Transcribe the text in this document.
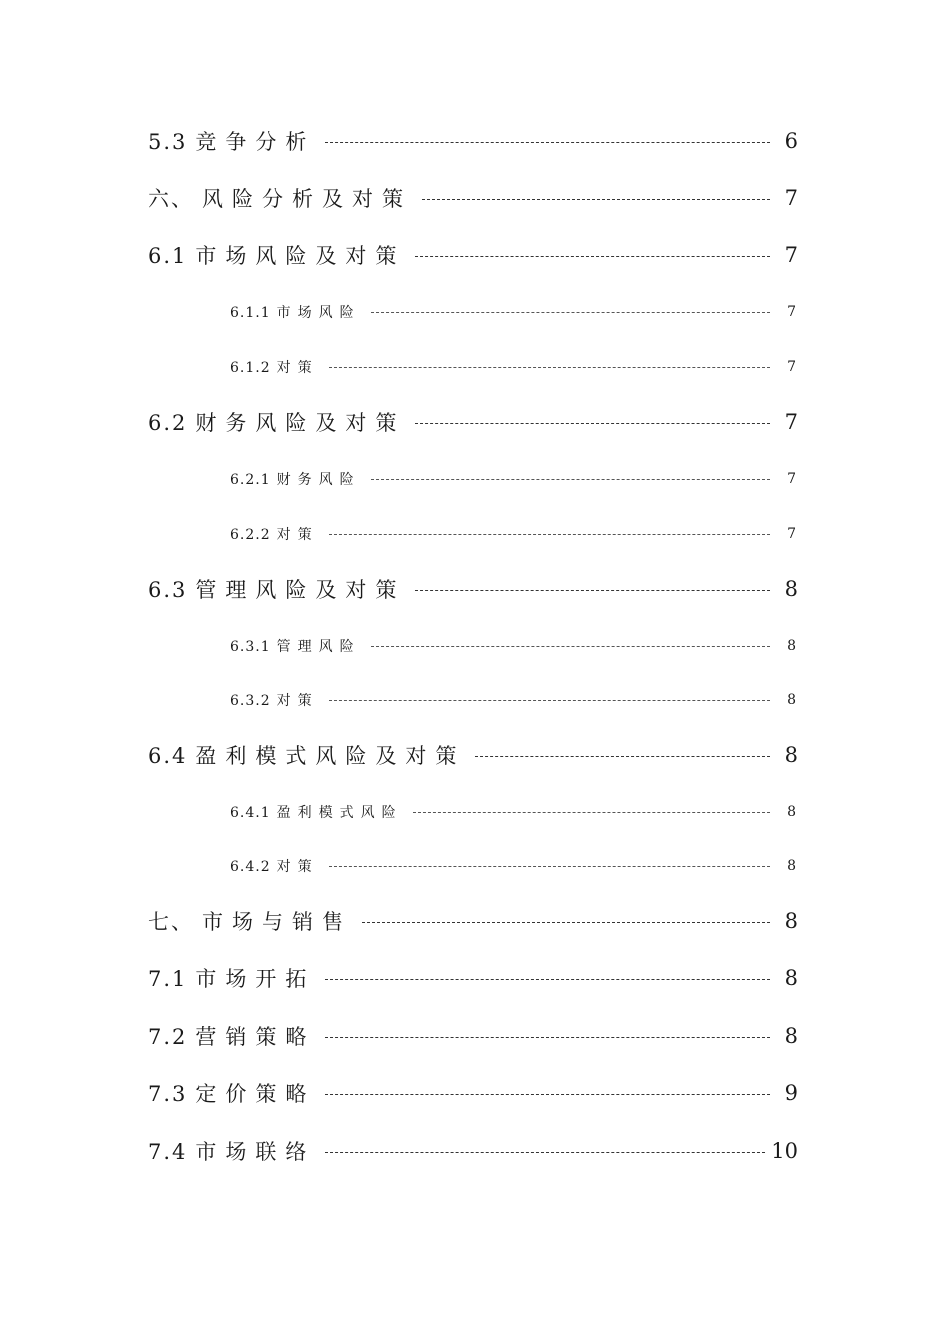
5.3 竞争分析	6
六、 风险分析及对策	7
6.1 市场风险及对策	7
6.1.1 市场风险	7
6.1.2 对策	7
6.2 财务风险及对策	7
6.2.1 财务风险	7
6.2.2 对策	7
6.3 管理风险及对策	8
6.3.1 管理风险	8
6.3.2 对策	8
6.4 盈利模式风险及对策	8
6.4.1 盈利模式风险	8
6.4.2 对策	8
七、 市场与销售	8
7.1 市场开拓	8
7.2 营销策略	8
7.3 定价策略	9
7.4 市场联络	10
